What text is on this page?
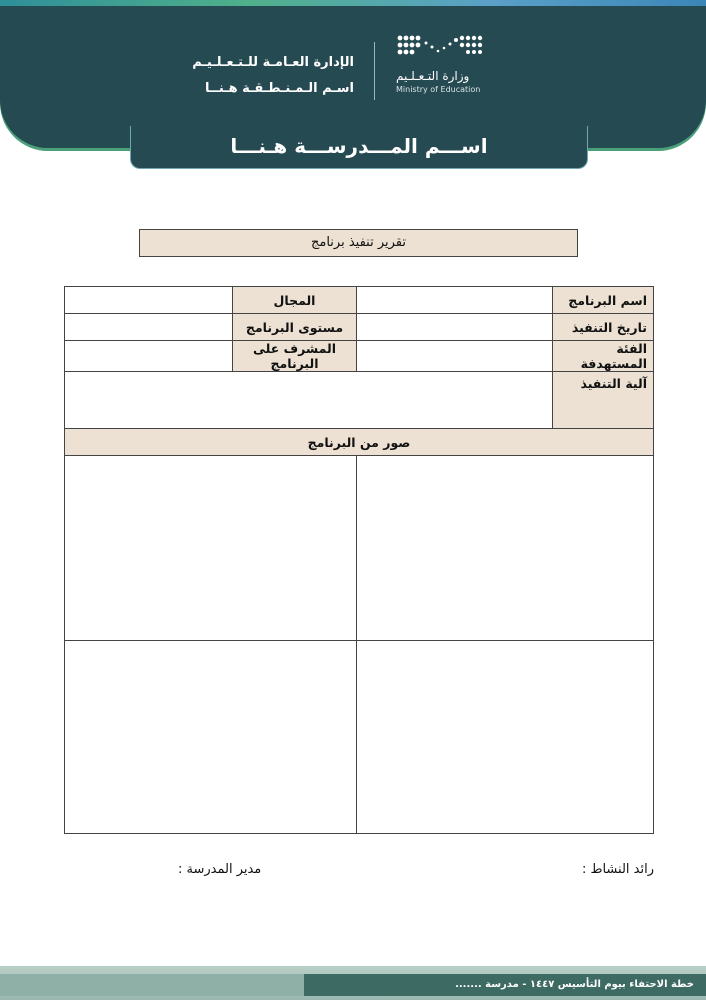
الإدارة العـامـة للـتـعـلـيـم
اسـم الـمـنـطـقـة هـنــا
وزارة التـعـلـيم
Ministry of Education
اســـم المـــدرســـة هـنـــا
تقرير تنفيذ برنامج
	المجال		اسم البرنامج
	مستوى البرنامج		تاريخ التنفيذ
	المشرف على البرنامج		الفئة المستهدفة
			آلية التنفيذ
صور من البرنامج			

رائد النشاط :
مدير المدرسة :
خطة الاحتفاء بيوم التأسيس ١٤٤٧ - مدرسة .......
